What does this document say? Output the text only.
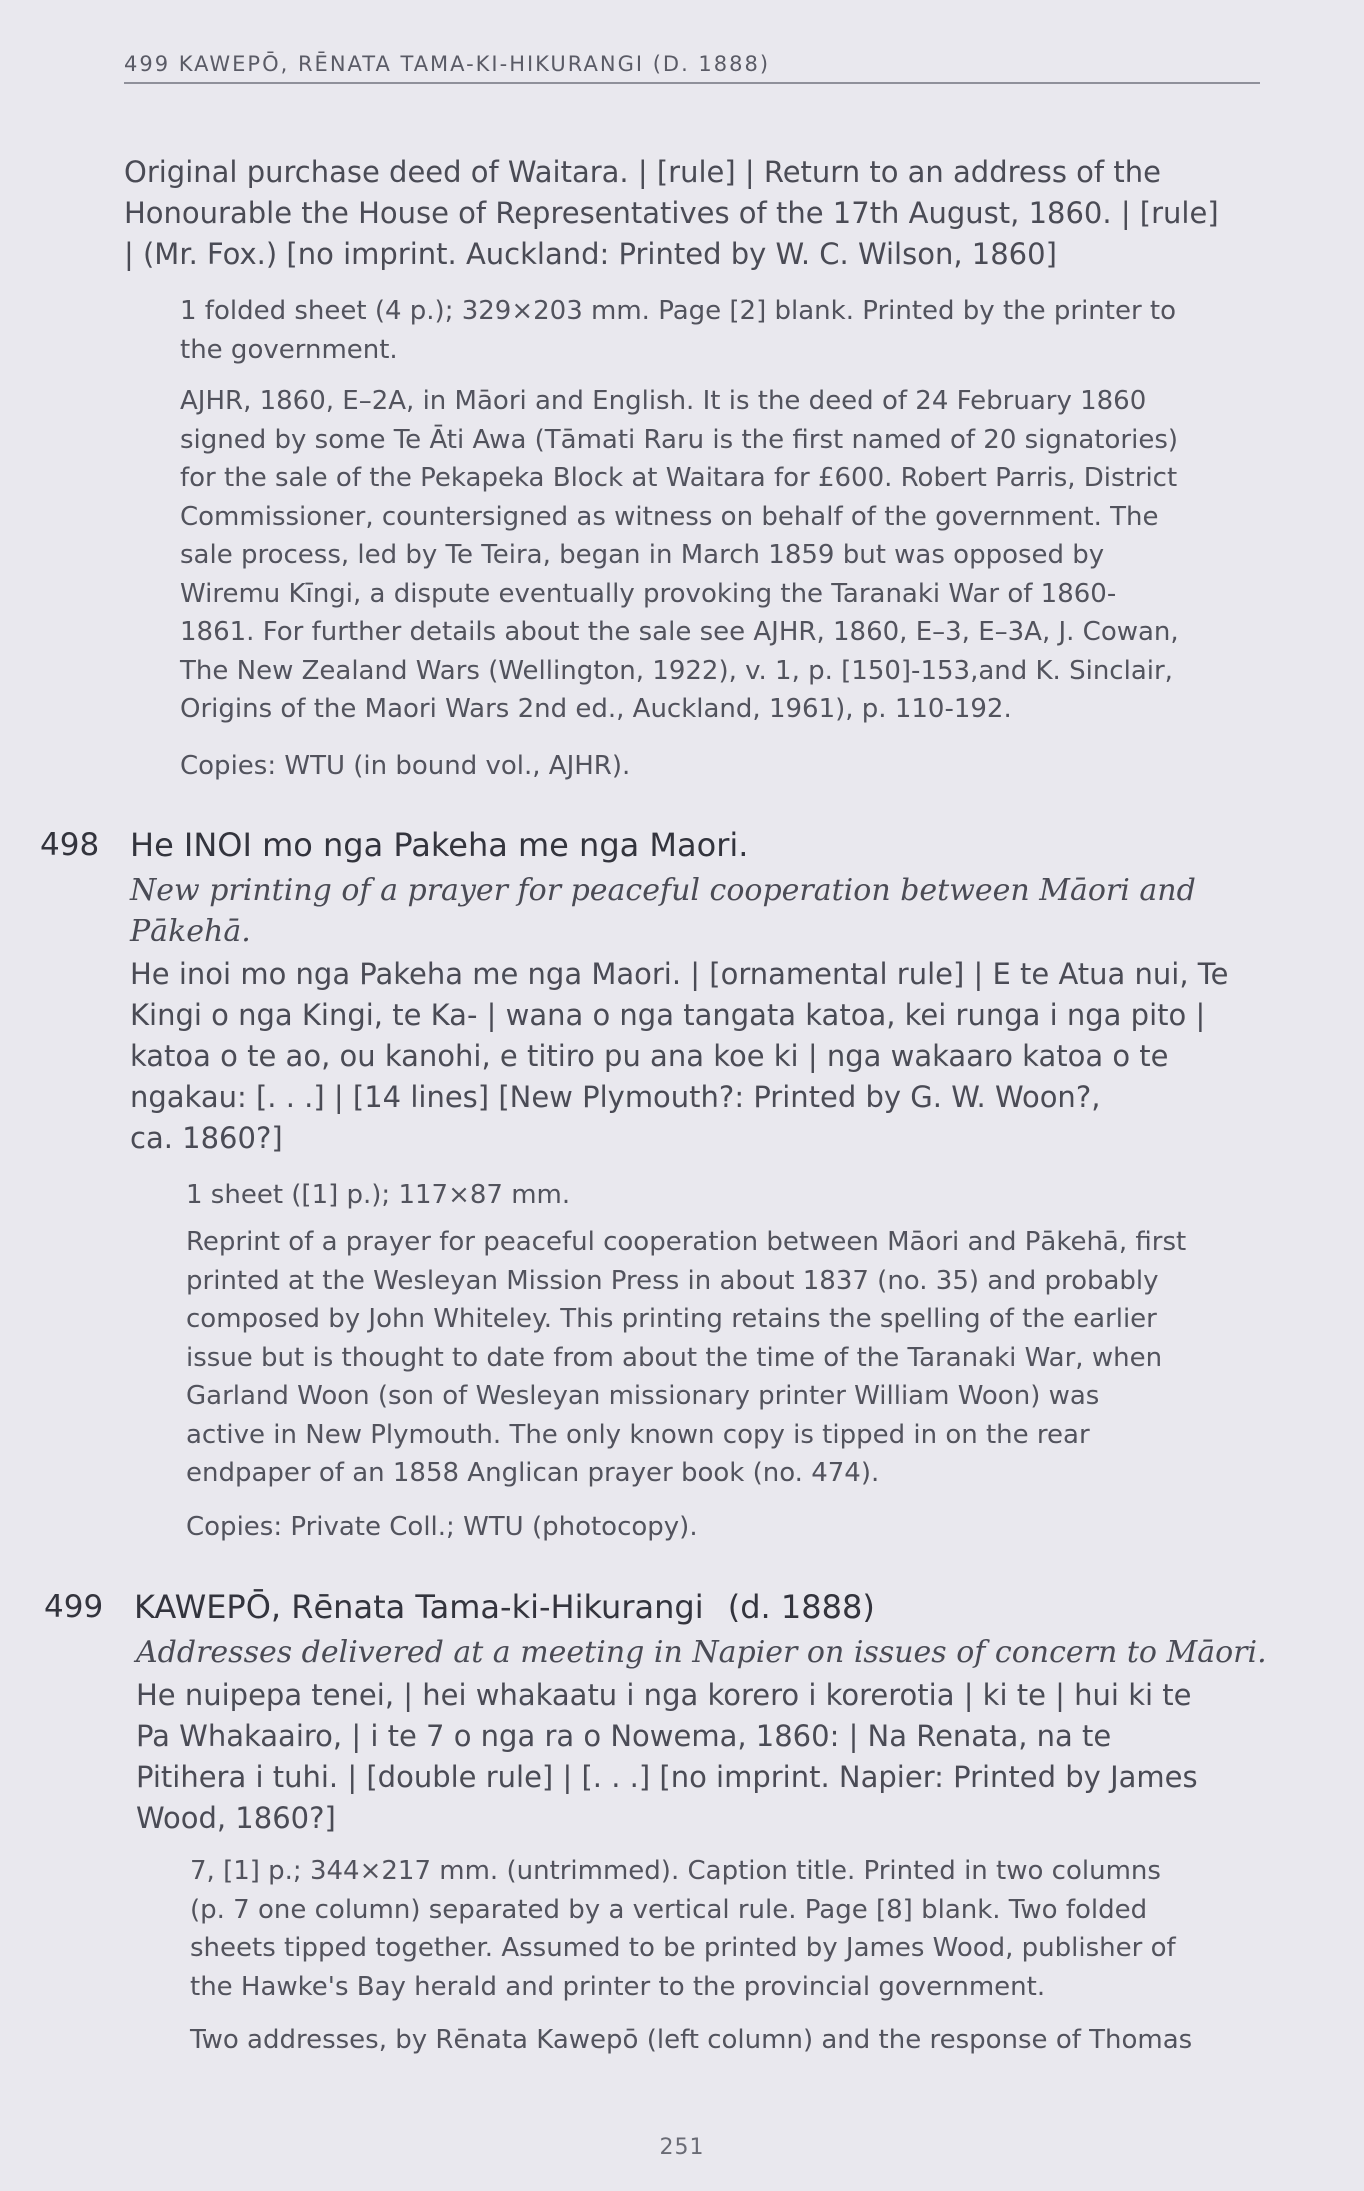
499 KAWEPŌ, RĒNATA TAMA-KI-HIKURANGI (D. 1888)
Original purchase deed of Waitara. | [rule] | Return to an address of the
Honourable the House of Representatives of the 17th August, 1860. | [rule]
| (Mr. Fox.) [no imprint. Auckland: Printed by W. C. Wilson, 1860]
1 folded sheet (4 p.); 329×203 mm. Page [2] blank. Printed by the printer to
the government.
AJHR, 1860, E–2A, in Māori and English. It is the deed of 24 February 1860
signed by some Te Āti Awa (Tāmati Raru is the first named of 20 signatories)
for the sale of the Pekapeka Block at Waitara for £600. Robert Parris, District
Commissioner, countersigned as witness on behalf of the government. The
sale process, led by Te Teira, began in March 1859 but was opposed by
Wiremu Kīngi, a dispute eventually provoking the Taranaki War of 1860-
1861. For further details about the sale see AJHR, 1860, E–3, E–3A, J. Cowan,
The New Zealand Wars (Wellington, 1922), v. 1, p. [150]-153,and K. Sinclair,
Origins of the Maori Wars 2nd ed., Auckland, 1961), p. 110-192.
Copies: WTU (in bound vol., AJHR).
498 He INOI mo nga Pakeha me nga Maori.
New printing of a prayer for peaceful cooperation between Māori and
Pākehā.
He inoi mo nga Pakeha me nga Maori. | [ornamental rule] | E te Atua nui, Te
Kingi o nga Kingi, te Ka- | wana o nga tangata katoa, kei runga i nga pito |
katoa o te ao, ou kanohi, e titiro pu ana koe ki | nga wakaaro katoa o te
ngakau: [. . .] | [14 lines] [New Plymouth?: Printed by G. W. Woon?,
ca. 1860?]
1 sheet ([1] p.); 117×87 mm.
Reprint of a prayer for peaceful cooperation between Māori and Pākehā, first
printed at the Wesleyan Mission Press in about 1837 (no. 35) and probably
composed by John Whiteley. This printing retains the spelling of the earlier
issue but is thought to date from about the time of the Taranaki War, when
Garland Woon (son of Wesleyan missionary printer William Woon) was
active in New Plymouth. The only known copy is tipped in on the rear
endpaper of an 1858 Anglican prayer book (no. 474).
Copies: Private Coll.; WTU (photocopy).
499 KAWEPŌ, Rēnata Tama-ki-Hikurangi (d. 1888)
Addresses delivered at a meeting in Napier on issues of concern to Māori.
He nuipepa tenei, | hei whakaatu i nga korero i korerotia | ki te | hui ki te
Pa Whakaairo, | i te 7 o nga ra o Nowema, 1860: | Na Renata, na te
Pitihera i tuhi. | [double rule] | [. . .] [no imprint. Napier: Printed by James
Wood, 1860?]
7, [1] p.; 344×217 mm. (untrimmed). Caption title. Printed in two columns
(p. 7 one column) separated by a vertical rule. Page [8] blank. Two folded
sheets tipped together. Assumed to be printed by James Wood, publisher of
the Hawke's Bay herald and printer to the provincial government.
Two addresses, by Rēnata Kawepō (left column) and the response of Thomas
251
